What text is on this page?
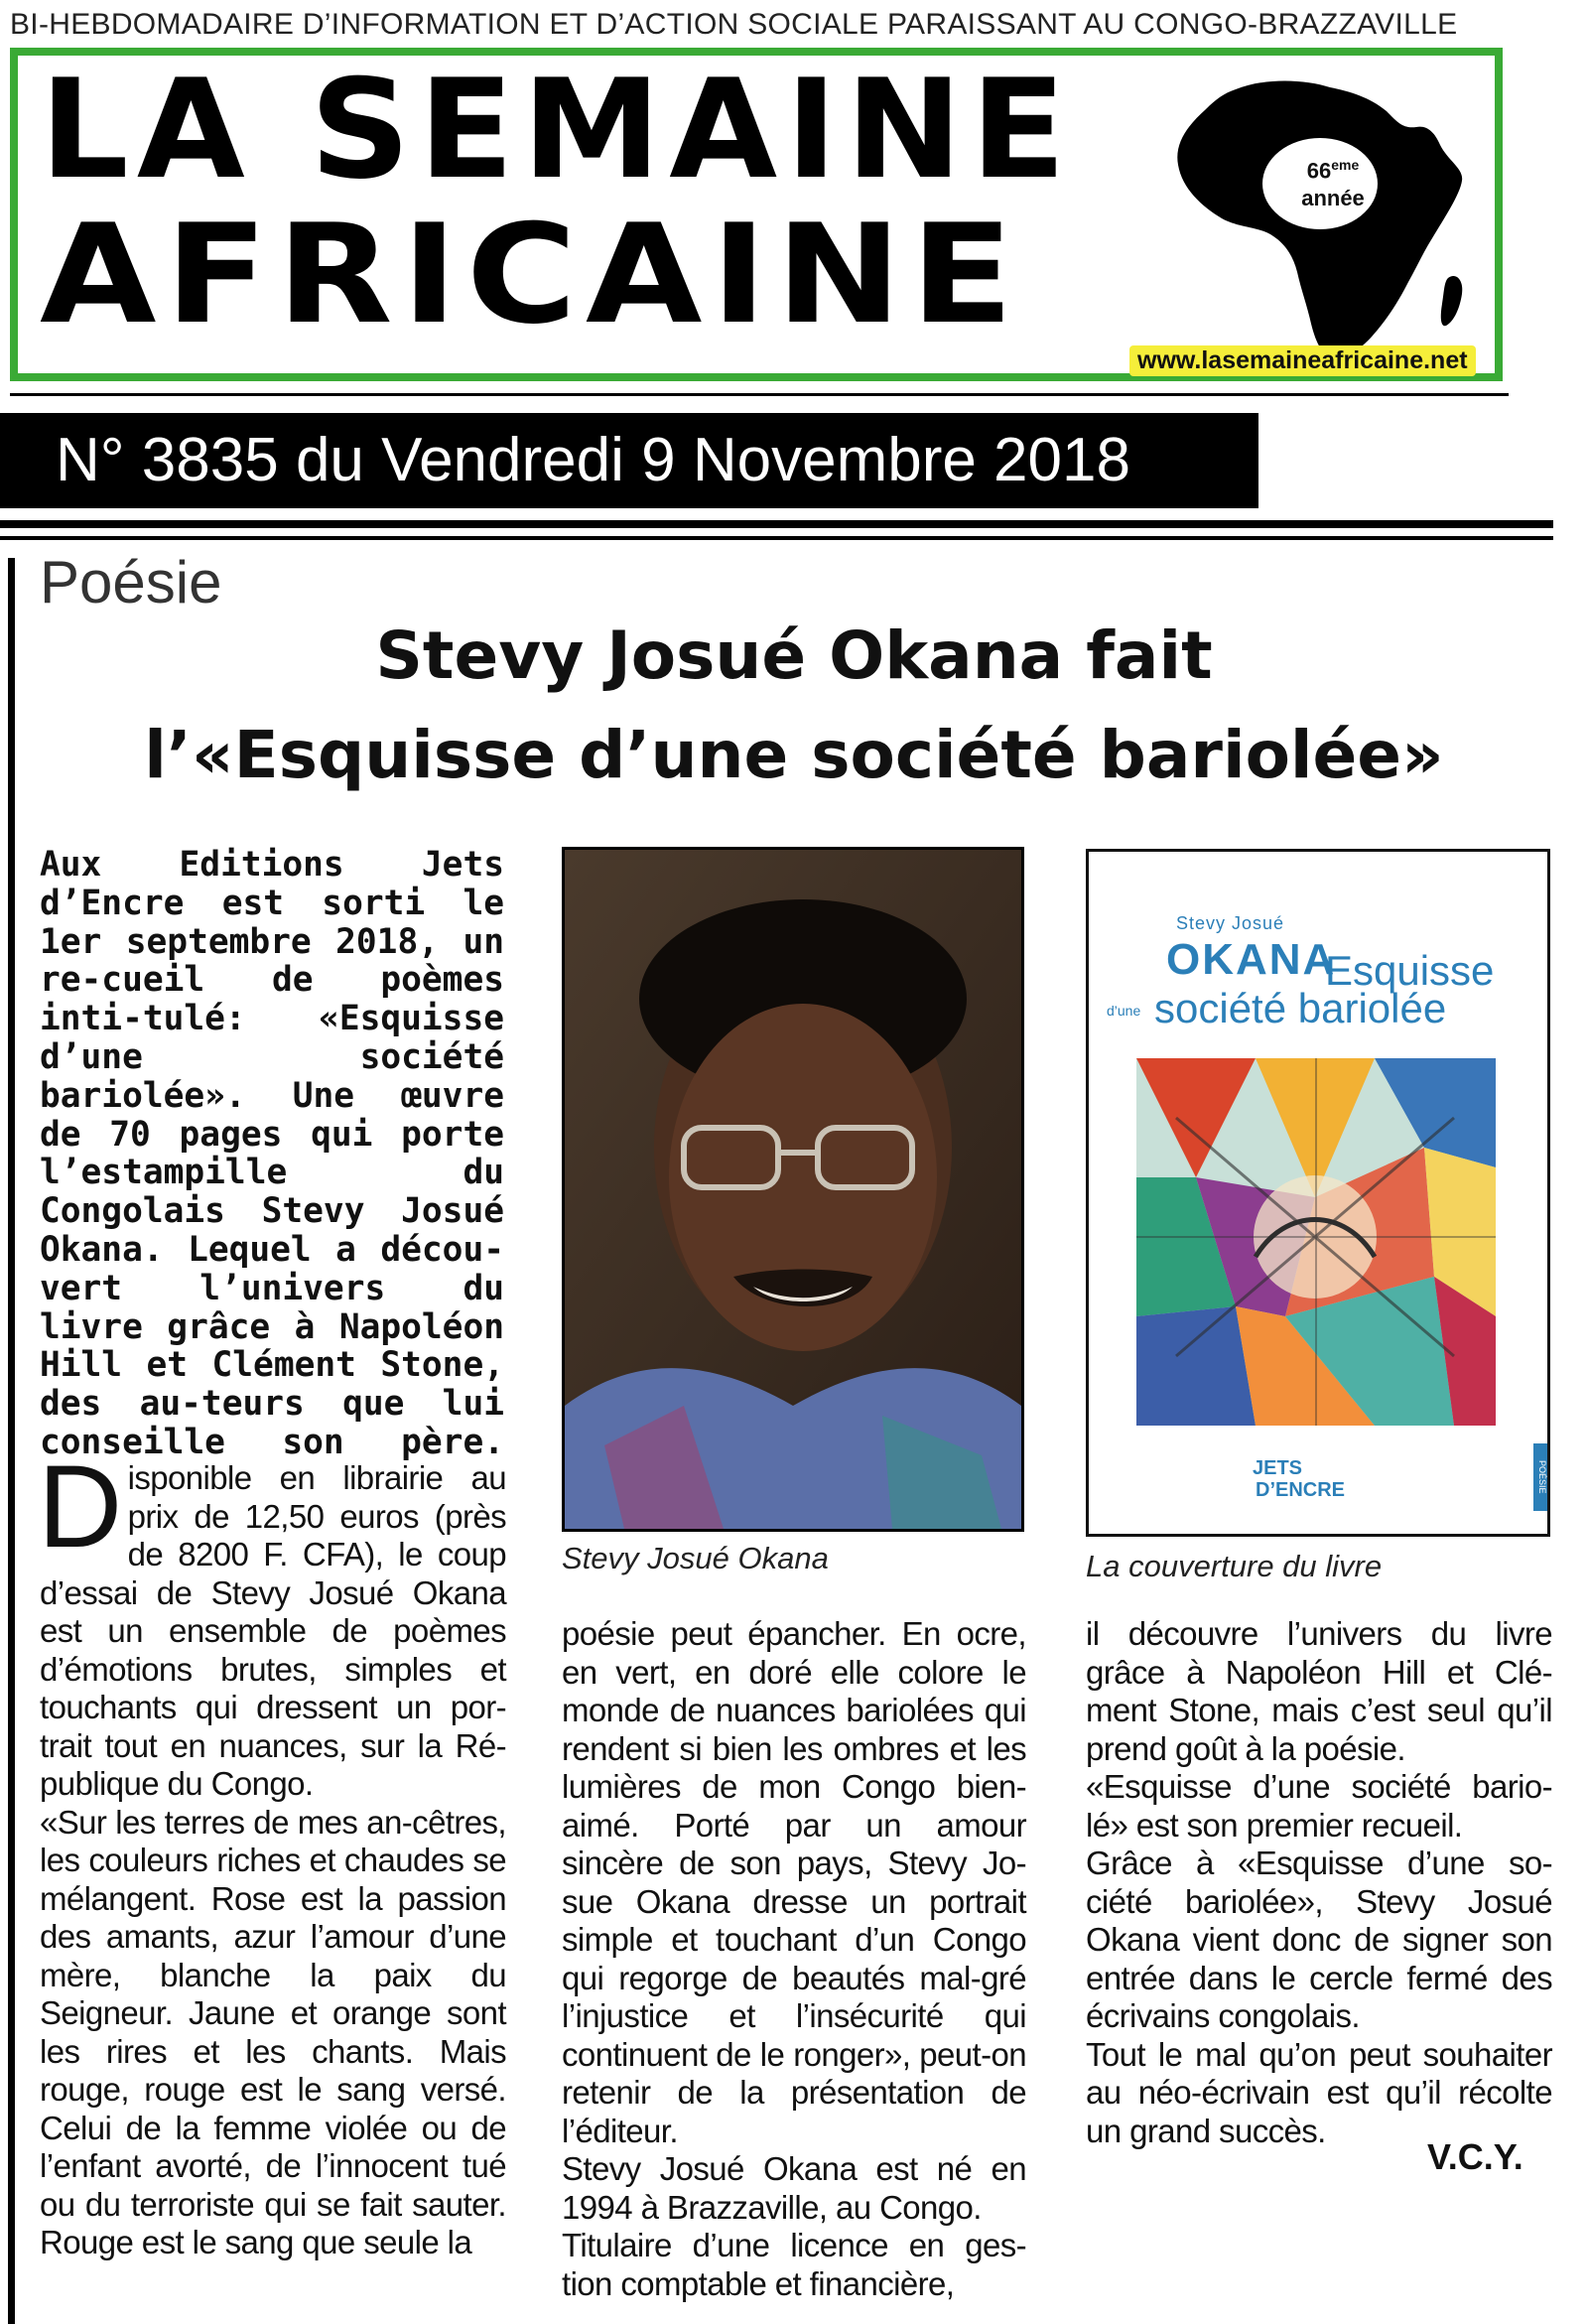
BI-HEBDOMADAIRE D’INFORMATION ET D’ACTION SOCIALE PARAISSANT AU CONGO-BRAZZAVILLE
LA SEMAINE
AFRICAINE
66eme
année
www.lasemaineafricaine.net
N° 3835 du Vendredi 9 Novembre 2018
Poésie
Stevy Josué Okana fait
l’«Esquisse d’une société bariolée»
Aux Editions Jets d’Encre est sorti le 1er septembre 2018, un re-cueil de poèmes inti-tulé: «Esquisse d’une société bariolée». Une œuvre de 70 pages qui porte l’estampille du Congolais Stevy Josué Okana. Lequel a décou-vert l’univers du livre grâce à Napoléon Hill et Clément Stone, des au-teurs que lui conseille son père.
Stevy Josué Okana
Stevy Josué
OKANA
Esquisse
d’une société bariolée
JETS
D’ENCRE	POÉSIE
La couverture du livre
D isponible en librairie au prix de 12,50 euros (près de 8200 F. CFA), le coup d’essai de Stevy Josué Okana est un ensemble de poèmes d’émotions brutes, simples et touchants qui dressent un por-trait tout en nuances, sur la Ré-publique du Congo.

«Sur les terres de mes an-cêtres, les couleurs riches et chaudes se mélangent. Rose est la passion des amants, azur l’amour d’une mère, blanche la paix du Seigneur. Jaune et orange sont les rires et les chants. Mais rouge, rouge est le sang versé. Celui de la femme violée ou de l’enfant avorté, de l’innocent tué ou du terroriste qui se fait sauter. Rouge est le sang que seule la

poésie peut épancher. En ocre, en vert, en doré elle colore le monde de nuances bariolées qui rendent si bien les ombres et les lumières de mon Congo bien-aimé. Porté par un amour sincère de son pays, Stevy Jo-sue Okana dresse un portrait simple et touchant d’un Congo qui regorge de beautés mal-gré l’injustice et l’insécurité qui continuent de le ronger», peut-on retenir de la présentation de l’éditeur.

Stevy Josué Okana est né en 1994 à Brazzaville, au Congo.

Titulaire d’une licence en ges-tion comptable et financière,

il découvre l’univers du livre grâce à Napoléon Hill et Clé-ment Stone, mais c’est seul qu’il prend goût à la poésie.

«Esquisse d’une société bario-lé» est son premier recueil.

Grâce à «Esquisse d’une so-ciété bariolée», Stevy Josué Okana vient donc de signer son entrée dans le cercle fermé des écrivains congolais.

Tout le mal qu’on peut souhaiter au néo-écrivain est qu’il récolte un grand succès.

V.C.Y.
